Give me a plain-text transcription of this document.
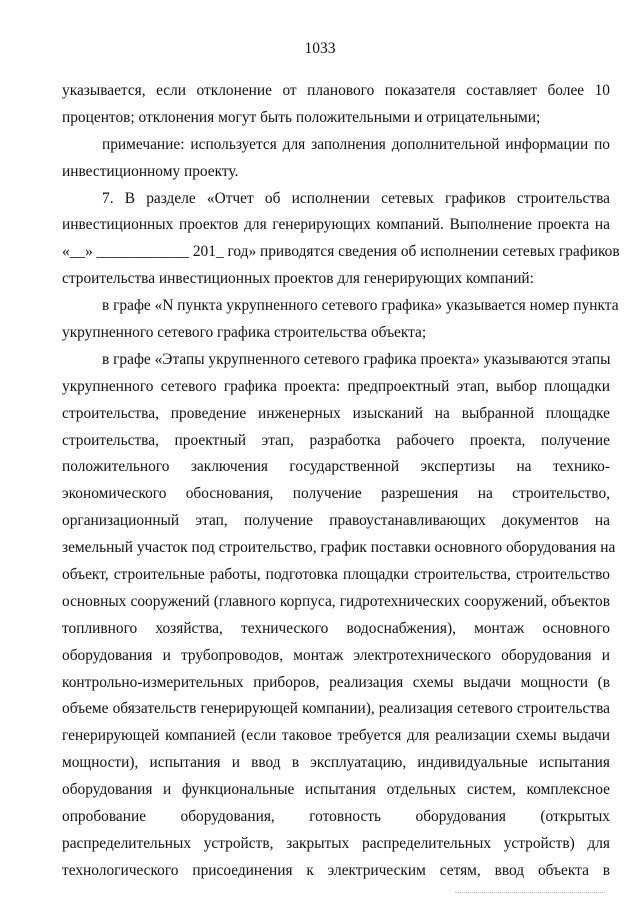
1033
указывается, если отклонение от планового показателя составляет более 10
процентов; отклонения могут быть положительными и отрицательными;
примечание: используется для заполнения дополнительной информации по
инвестиционному проекту.
7. В разделе «Отчет об исполнении сетевых графиков строительства
инвестиционных проектов для генерирующих компаний. Выполнение проекта на
«__» ____________ 201_ год» приводятся сведения об исполнении сетевых графиков
строительства инвестиционных проектов для генерирующих компаний:
в графе «N пункта укрупненного сетевого графика» указывается номер пункта
укрупненного сетевого графика строительства объекта;
в графе «Этапы укрупненного сетевого графика проекта» указываются этапы
укрупненного сетевого графика проекта: предпроектный этап, выбор площадки
строительства, проведение инженерных изысканий на выбранной площадке
строительства, проектный этап, разработка рабочего проекта, получение
положительного заключения государственной экспертизы на технико-
экономического обоснования, получение разрешения на строительство,
организационный этап, получение правоустанавливающих документов на
земельный участок под строительство, график поставки основного оборудования на
объект, строительные работы, подготовка площадки строительства, строительство
основных сооружений (главного корпуса, гидротехнических сооружений, объектов
топливного хозяйства, технического водоснабжения), монтаж основного
оборудования и трубопроводов, монтаж электротехнического оборудования и
контрольно-измерительных приборов, реализация схемы выдачи мощности (в
объеме обязательств генерирующей компании), реализация сетевого строительства
генерирующей компанией (если таковое требуется для реализации схемы выдачи
мощности), испытания и ввод в эксплуатацию, индивидуальные испытания
оборудования и функциональные испытания отдельных систем, комплексное
опробование оборудования, готовность оборудования (открытых
распределительных устройств, закрытых распределительных устройств) для
технологического присоединения к электрическим сетям, ввод объекта в
